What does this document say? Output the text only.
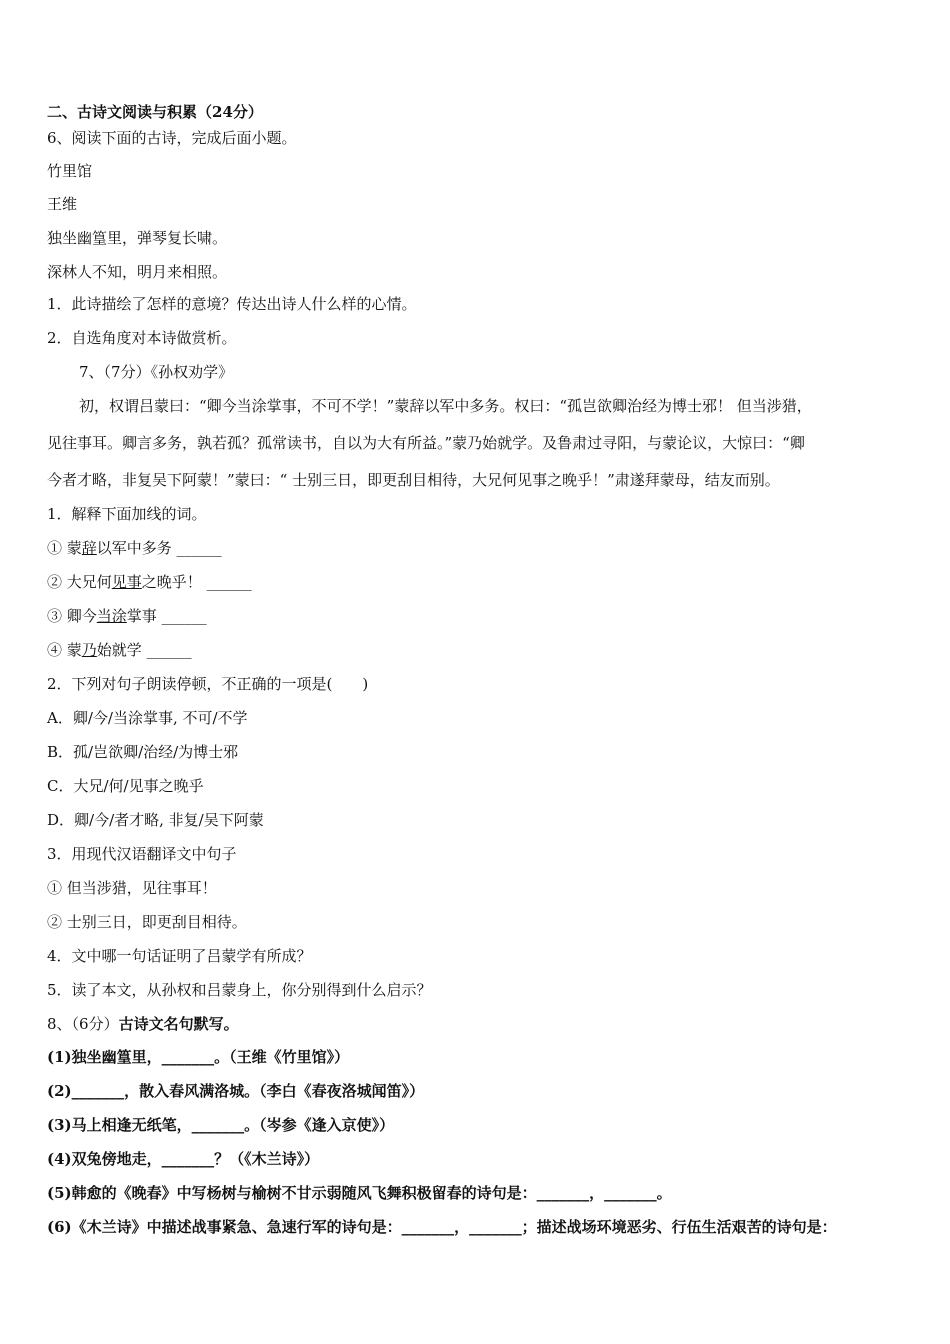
二、古诗文阅读与积累（24分）
6、阅读下面的古诗，完成后面小题。
竹里馆
王维
独坐幽篁里，弹琴复长啸。
深林人不知，明月来相照。
1．此诗描绘了怎样的意境？传达出诗人什么样的心情。
2．自选角度对本诗做赏析。
7、（7分）《孙权劝学》
初，权谓吕蒙曰：“卿今当涂掌事，不可不学！”蒙辞以军中多务。权曰：“孤岂欲卿治经为博士邪！ 但当涉猎，
见往事耳。卿言多务，孰若孤？孤常读书，自以为大有所益。”蒙乃始就学。及鲁肃过寻阳，与蒙论议，大惊曰：“卿
今者才略，非复吴下阿蒙！”蒙曰：“ 士别三日，即更刮目相待，大兄何见事之晚乎！”肃遂拜蒙母，结友而别。
1．解释下面加线的词。
① 蒙辞以军中多务 ______
② 大兄何见事之晚乎！ ______
③ 卿今当涂掌事 ______
④ 蒙乃始就学 ______
2．下列对句子朗读停顿，不正确的一项是(　　)
A．卿/今/当涂掌事, 不可/不学
B．孤/岂欲卿/治经/为博士邪
C．大兄/何/见事之晚乎
D．卿/今/者才略, 非复/吴下阿蒙
3．用现代汉语翻译文中句子
① 但当涉猎，见往事耳！
② 士别三日，即更刮目相待。
4．文中哪一句话证明了吕蒙学有所成？
5．读了本文，从孙权和吕蒙身上，你分别得到什么启示？
8、（6分）古诗文名句默写。
(1)独坐幽篁里，_______。（王维《竹里馆》）
(2)_______，散入春风满洛城。（李白《春夜洛城闻笛》）
(3)马上相逢无纸笔，_______。（岑参《逢入京使》）
(4)双兔傍地走，_______？（《木兰诗》）
(5)韩愈的《晚春》中写杨树与榆树不甘示弱随风飞舞积极留春的诗句是：_______，_______。
(6)《木兰诗》中描述战事紧急、急速行军的诗句是：_______，_______；描述战场环境恶劣、行伍生活艰苦的诗句是：
